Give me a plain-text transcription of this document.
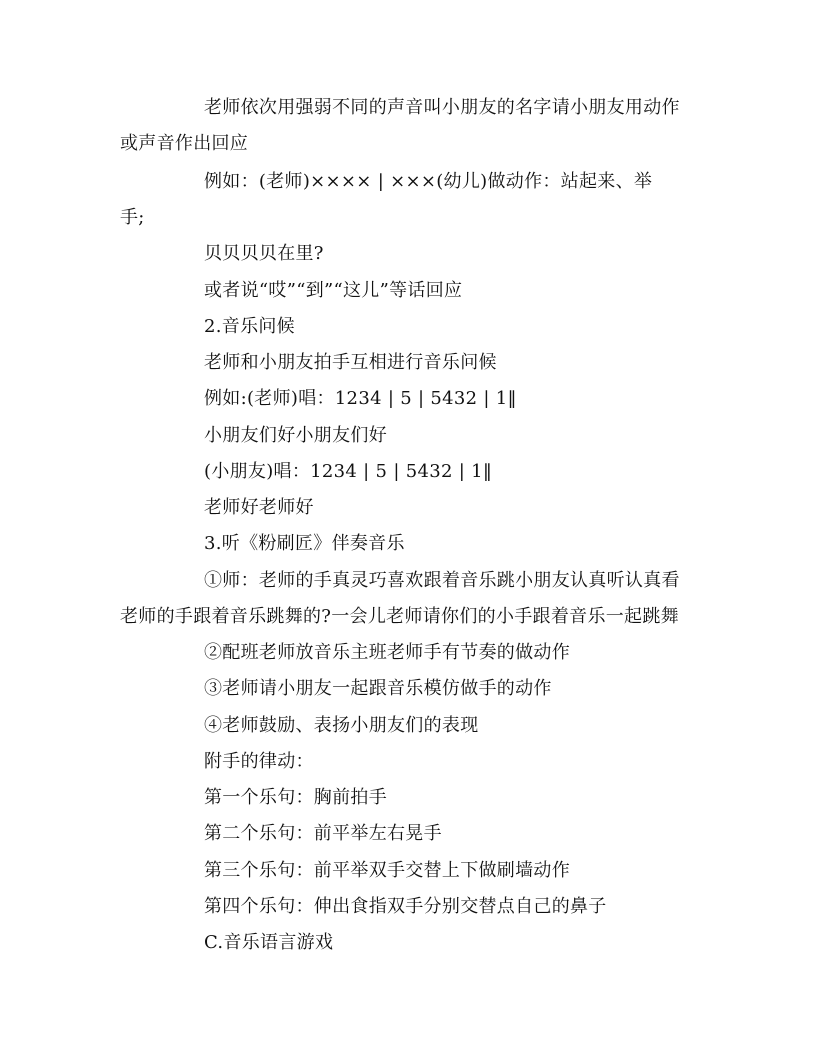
老师依次用强弱不同的声音叫小朋友的名字请小朋友用动作
或声音作出回应
例如：(老师)×××× | ×××(幼儿)做动作：站起来、举
手;
贝贝贝贝在里?
或者说“哎”“到”“这儿”等话回应
2.音乐问候
老师和小朋友拍手互相进行音乐问候
例如:(老师)唱：1234 | 5 | 5432 | 1‖
小朋友们好小朋友们好
(小朋友)唱：1234 | 5 | 5432 | 1‖
老师好老师好
3.听《粉刷匠》伴奏音乐
①师：老师的手真灵巧喜欢跟着音乐跳小朋友认真听认真看
老师的手跟着音乐跳舞的?一会儿老师请你们的小手跟着音乐一起跳舞
②配班老师放音乐主班老师手有节奏的做动作
③老师请小朋友一起跟音乐模仿做手的动作
④老师鼓励、表扬小朋友们的表现
附手的律动：
第一个乐句：胸前拍手
第二个乐句：前平举左右晃手
第三个乐句：前平举双手交替上下做刷墙动作
第四个乐句：伸出食指双手分别交替点自己的鼻子
C.音乐语言游戏
